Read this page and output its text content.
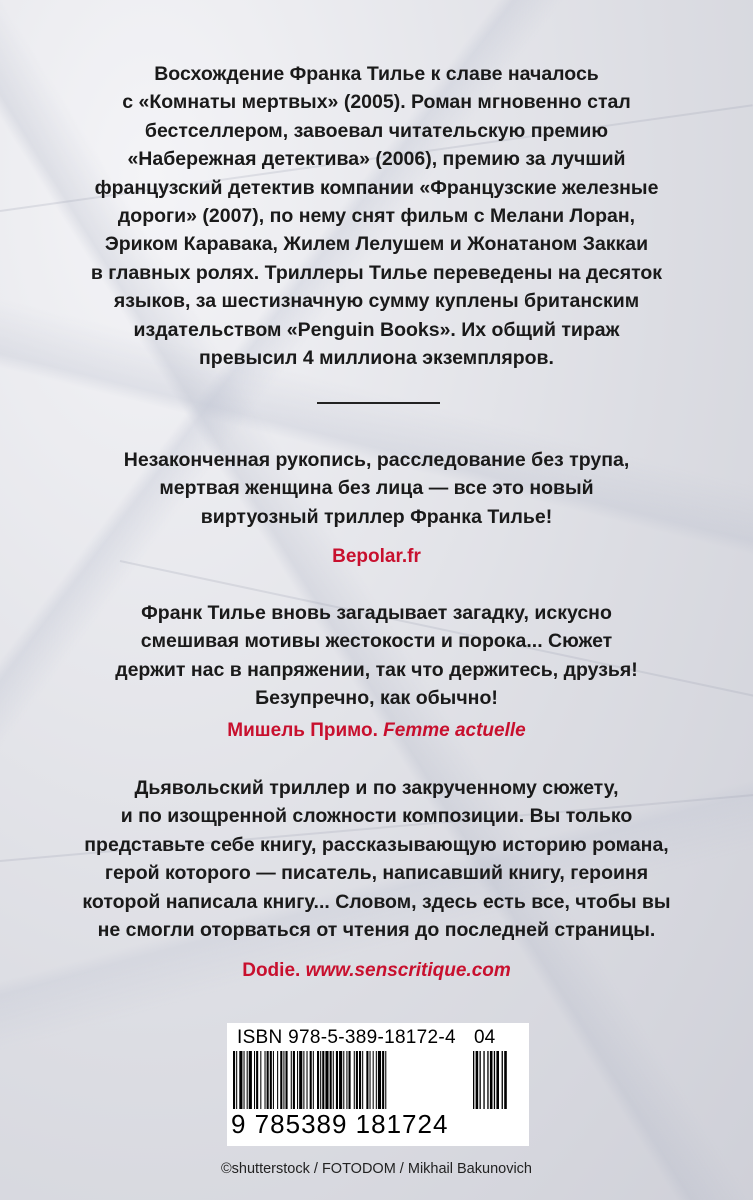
Восхождение Франка Тилье к славе началось

с «Комнаты мертвых» (2005). Роман мгновенно стал

бестселлером, завоевал читательскую премию

«Набережная детектива» (2006), премию за лучший

французский детектив компании «Французские железные

дороги» (2007), по нему снят фильм с Мелани Лоран,

Эриком Каравака, Жилем Лелушем и Жонатаном Заккаи

в главных ролях. Триллеры Тилье переведены на десяток

языков, за шестизначную сумму куплены британским

издательством «Penguin Books». Их общий тираж

превысил 4 миллиона экземпляров.

Незаконченная рукопись, расследование без трупа,

мертвая женщина без лица — все это новый

виртуозный триллер Франка Тилье!

Bepolar.fr

Франк Тилье вновь загадывает загадку, искусно

смешивая мотивы жестокости и порока... Сюжет

держит нас в напряжении, так что держитесь, друзья!

Безупречно, как обычно!

Мишель Примо. Femme actuelle

Дьявольский триллер и по закрученному сюжету,

и по изощренной сложности композиции. Вы только

представьте себе книгу, рассказывающую историю романа,

герой которого — писатель, написавший книгу, героиня

которой написала книгу... Словом, здесь есть все, чтобы вы

не смогли оторваться от чтения до последней страницы.

Dodie. www.senscritique.com
ISBN 978-5-389-18172-4 04
9 785389 181724
©shutterstock / FOTODOM / Mikhail Bakunovich
